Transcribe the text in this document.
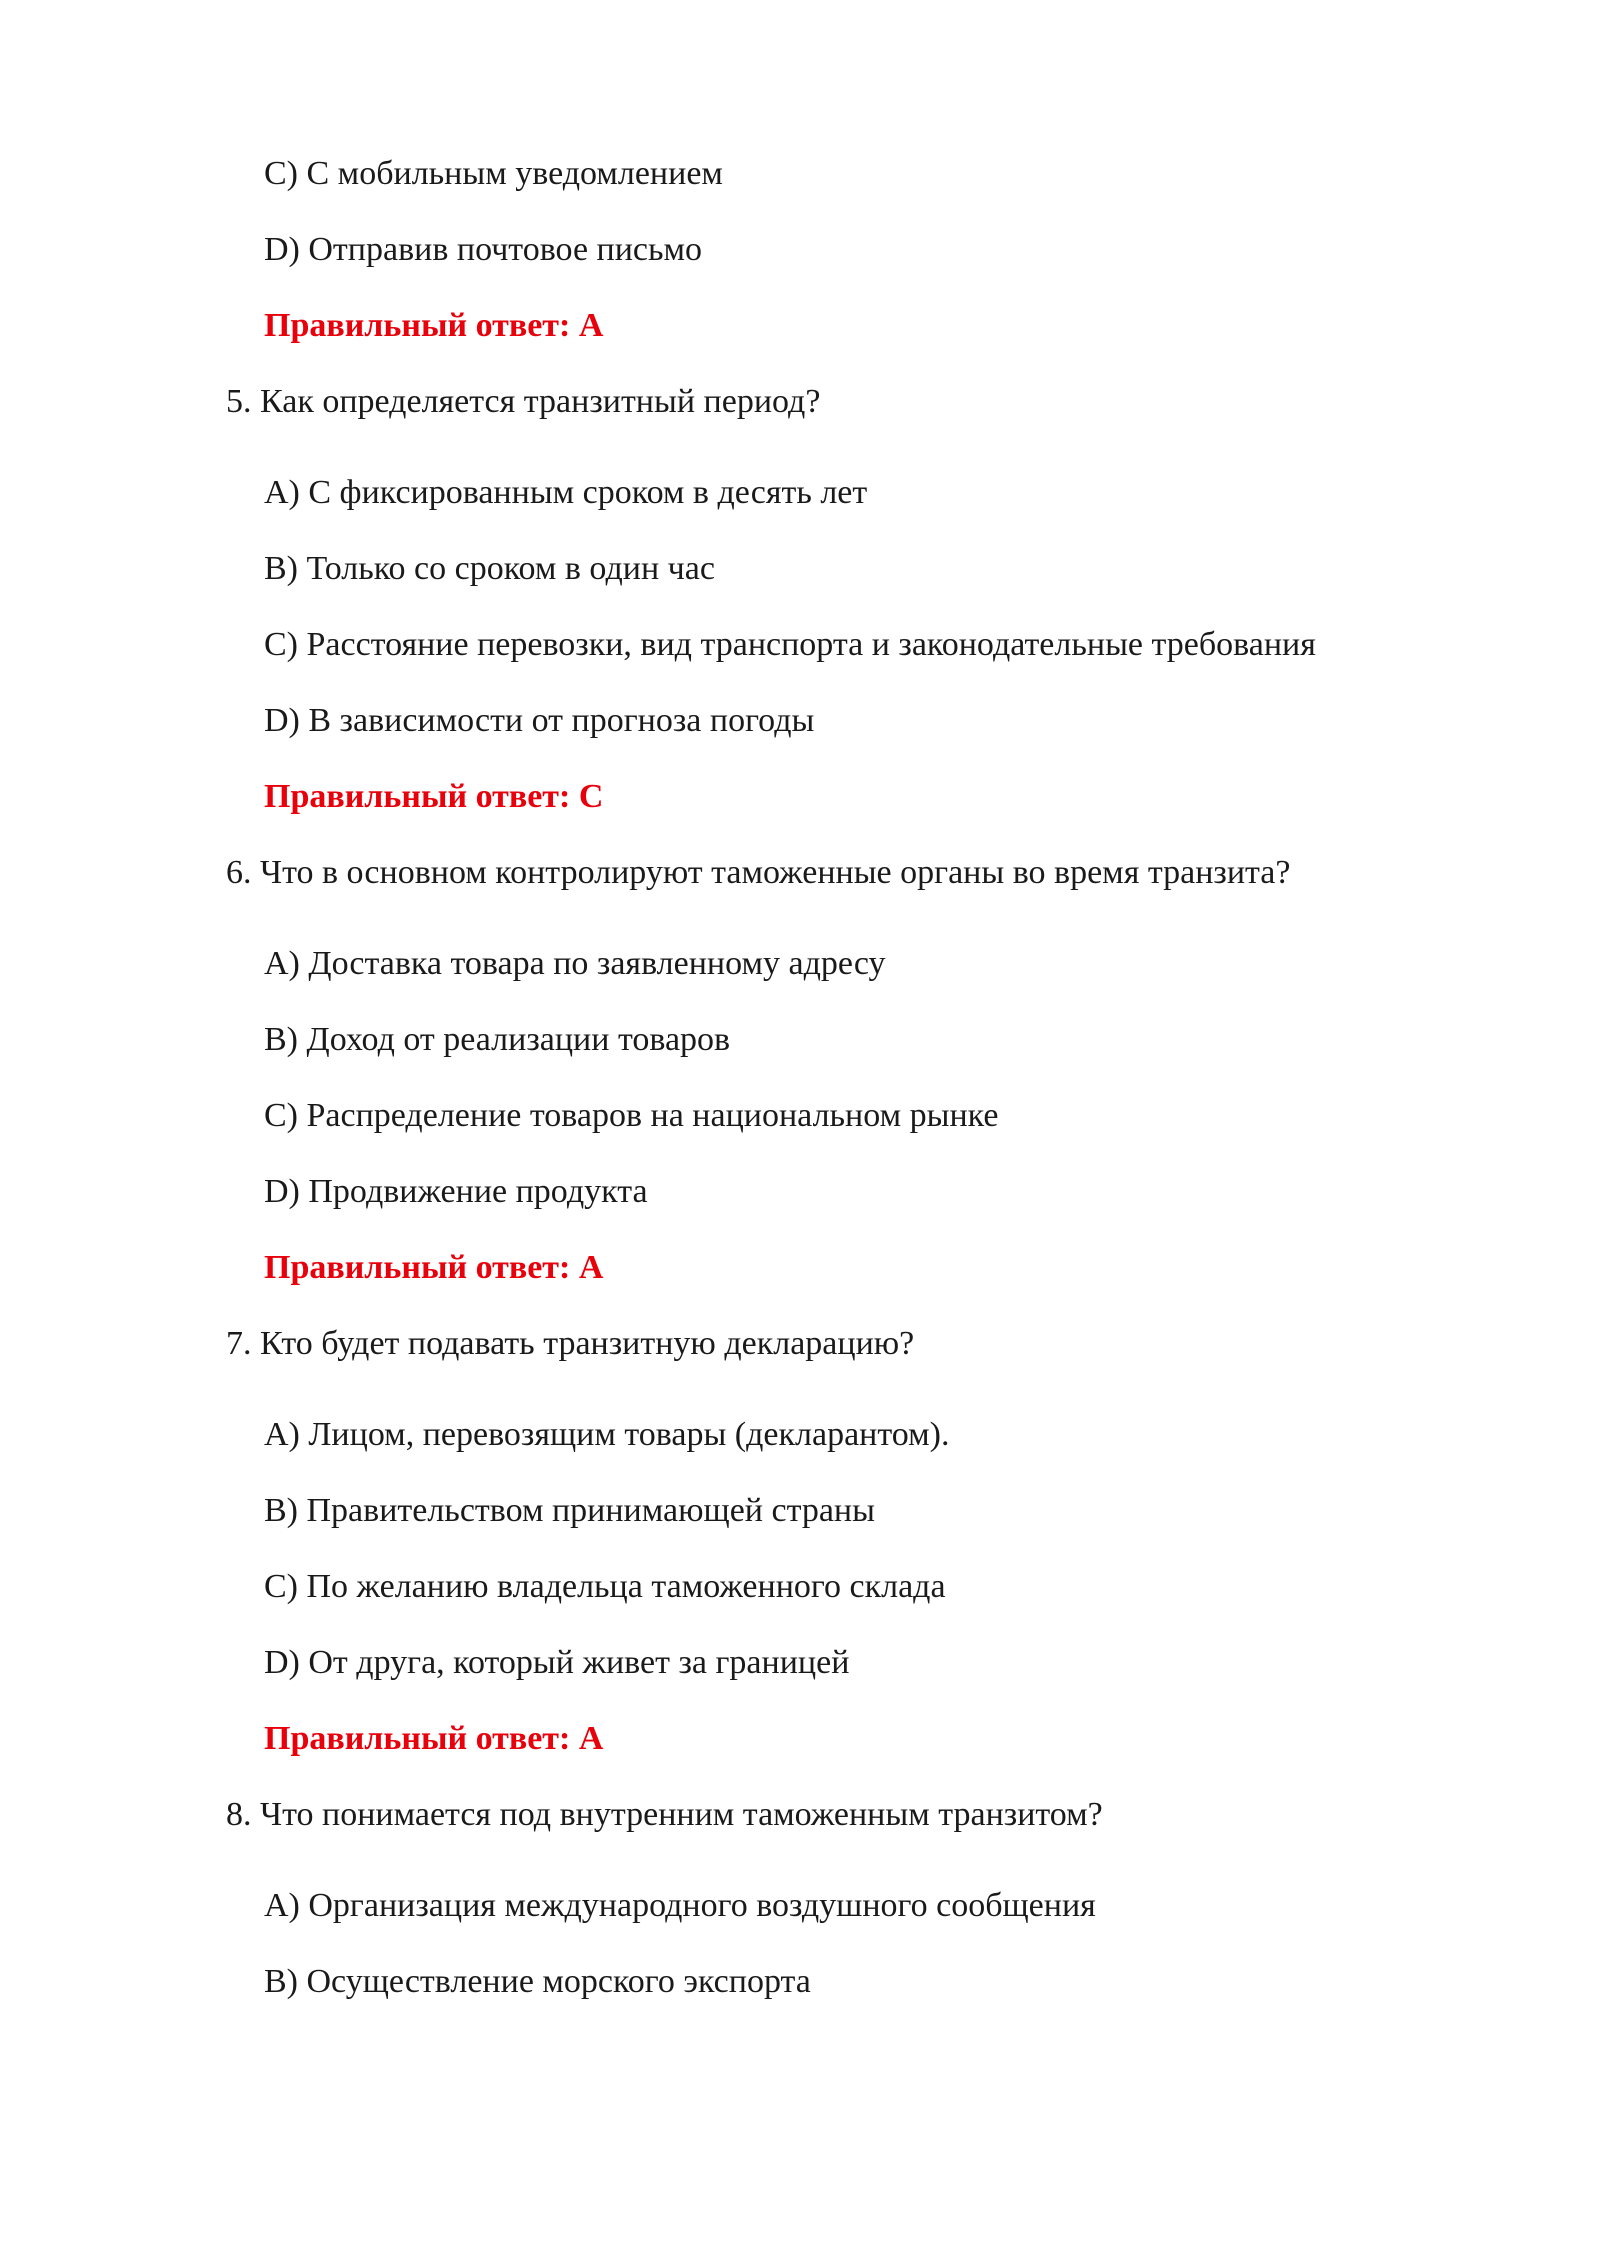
C) С мобильным уведомлением
D) Отправив почтовое письмо
Правильный ответ: A
5. Как определяется транзитный период?
A) С фиксированным сроком в десять лет
B) Только со сроком в один час
C) Расстояние перевозки, вид транспорта и законодательные требования
D) В зависимости от прогноза погоды
Правильный ответ: C
6. Что в основном контролируют таможенные органы во время транзита?
A) Доставка товара по заявленному адресу
B) Доход от реализации товаров
C) Распределение товаров на национальном рынке
D) Продвижение продукта
Правильный ответ: A
7. Кто будет подавать транзитную декларацию?
A) Лицом, перевозящим товары (декларантом).
B) Правительством принимающей страны
C) По желанию владельца таможенного склада
D) От друга, который живет за границей
Правильный ответ: A
8. Что понимается под внутренним таможенным транзитом?
A) Организация международного воздушного сообщения
B) Осуществление морского экспорта
